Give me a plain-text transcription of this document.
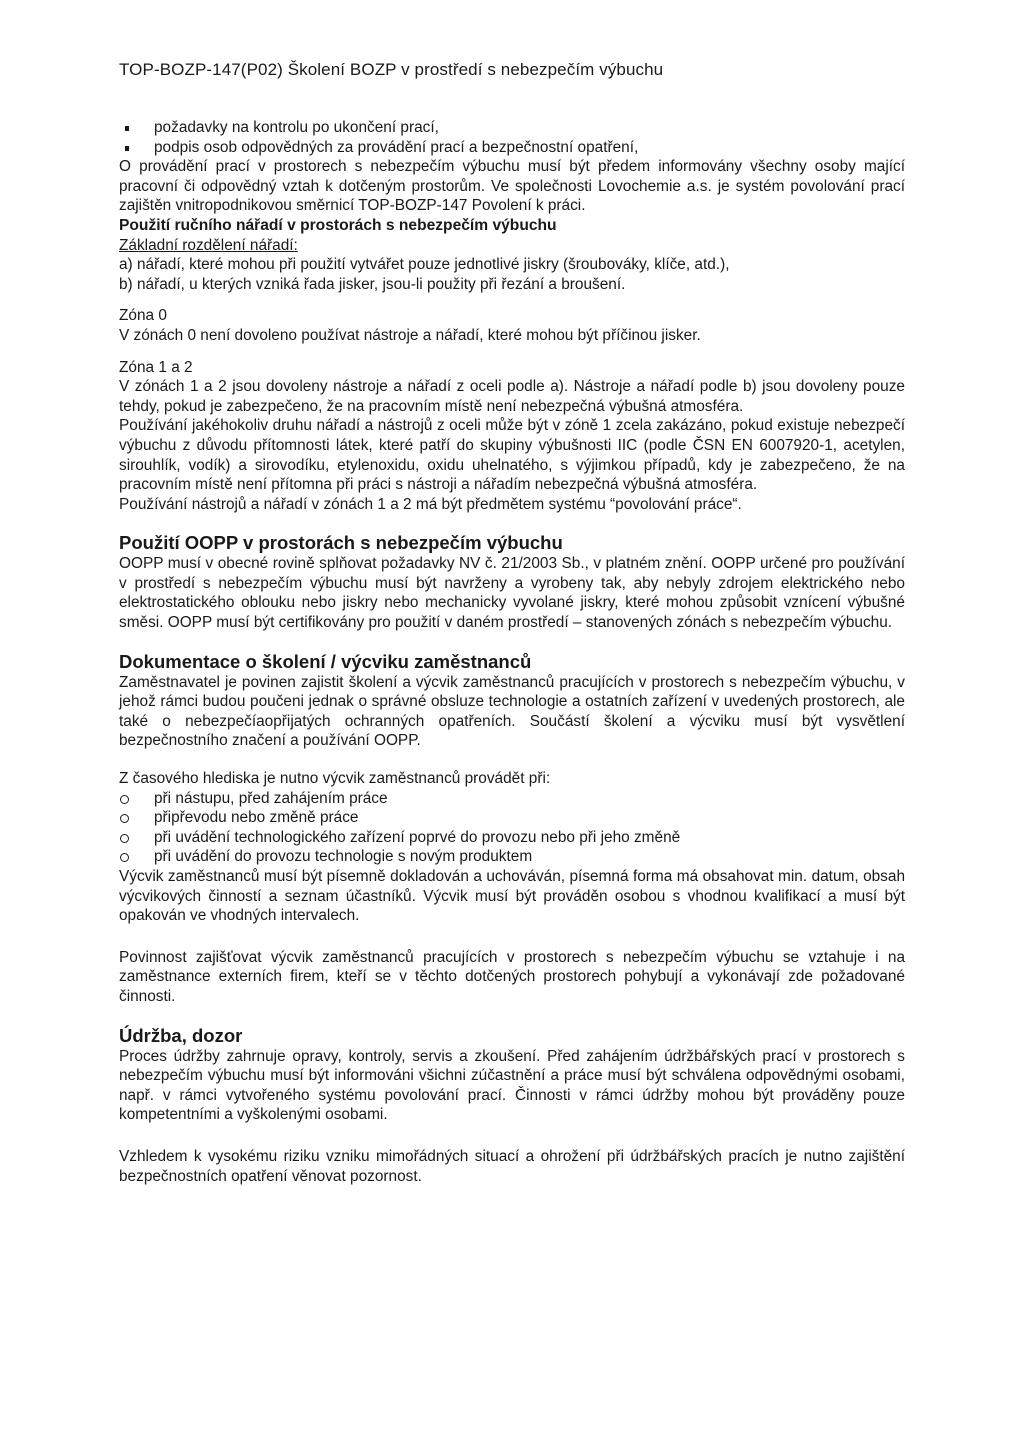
TOP-BOZP-147(P02) Školení BOZP v prostředí s nebezpečím výbuchu

požadavky na kontrolu po ukončení prací,

podpis osob odpovědných za provádění prací a bezpečnostní opatření,

O provádění prací v prostorech s nebezpečím výbuchu musí být předem informovány všechny osoby mající pracovní či odpovědný vztah k dotčeným prostorům. Ve společnosti Lovochemie a.s. je systém povolování prací zajištěn vnitropodnikovou směrnicí TOP-BOZP-147 Povolení k práci.

Použití ručního nářadí v prostorách s nebezpečím výbuchu

Základní rozdělení nářadí:

a) nářadí, které mohou při použití vytvářet pouze jednotlivé jiskry (šroubováky, klíče, atd.),

b) nářadí, u kterých vzniká řada jisker, jsou-li použity při řezání a broušení.

Zóna 0

V zónách 0 není dovoleno používat nástroje a nářadí, které mohou být příčinou jisker.

Zóna 1 a 2

V zónách 1 a 2 jsou dovoleny nástroje a nářadí z oceli podle a). Nástroje a nářadí podle b) jsou dovoleny pouze tehdy, pokud je zabezpečeno, že na pracovním místě není nebezpečná výbušná atmosféra.

Používání jakéhokoliv druhu nářadí a nástrojů z oceli může být v zóně 1 zcela zakázáno, pokud existuje nebezpečí výbuchu z důvodu přítomnosti látek, které patří do skupiny výbušnosti IIC (podle ČSN EN 6007920-1, acetylen, sirouhlík, vodík) a sirovodíku, etylenoxidu, oxidu uhelnatého, s výjimkou případů, kdy je zabezpečeno, že na pracovním místě není přítomna při práci s nástroji a nářadím nebezpečná výbušná atmosféra.

Používání nástrojů a nářadí v zónách 1 a 2 má být předmětem systému “povolování práce“.

Použití OOPP v prostorách s nebezpečím výbuchu

OOPP musí v obecné rovině splňovat požadavky NV č. 21/2003 Sb., v platném znění. OOPP určené pro používání v prostředí s nebezpečím výbuchu musí být navrženy a vyrobeny tak, aby nebyly zdrojem elektrického nebo elektrostatického oblouku nebo jiskry nebo mechanicky vyvolané jiskry, které mohou způsobit vznícení výbušné směsi. OOPP musí být certifikovány pro použití v daném prostředí – stanovených zónách s nebezpečím výbuchu.

Dokumentace o školení / výcviku zaměstnanců

Zaměstnavatel je povinen zajistit školení a výcvik zaměstnanců pracujících v prostorech s nebezpečím výbuchu, v jehož rámci budou poučeni jednak o správné obsluze technologie a ostatních zařízení v uvedených prostorech, ale také o nebezpečíaopřijatých ochranných opatřeních. Součástí školení a výcviku musí být vysvětlení bezpečnostního značení a používání OOPP.

Z časového hlediska je nutno výcvik zaměstnanců provádět při:

při nástupu, před zahájením práce

připřevodu nebo změně práce

při uvádění technologického zařízení poprvé do provozu nebo při jeho změně

při uvádění do provozu technologie s novým produktem

Výcvik zaměstnanců musí být písemně dokladován a uchováván, písemná forma má obsahovat min. datum, obsah výcvikových činností a seznam účastníků. Výcvik musí být prováděn osobou s vhodnou kvalifikací a musí být opakován ve vhodných intervalech.

Povinnost zajišťovat výcvik zaměstnanců pracujících v prostorech s nebezpečím výbuchu se vztahuje i na zaměstnance externích firem, kteří se v těchto dotčených prostorech pohybují a vykonávají zde požadované činnosti.

Údržba, dozor

Proces údržby zahrnuje opravy, kontroly, servis a zkoušení. Před zahájením údržbářských prací v prostorech s nebezpečím výbuchu musí být informováni všichni zúčastnění a práce musí být schválena odpovědnými osobami, např. v rámci vytvořeného systému povolování prací. Činnosti v rámci údržby mohou být prováděny pouze kompetentními a vyškolenými osobami.

Vzhledem k vysokému riziku vzniku mimořádných situací a ohrožení při údržbářských pracích je nutno zajištění bezpečnostních opatření věnovat pozornost.
